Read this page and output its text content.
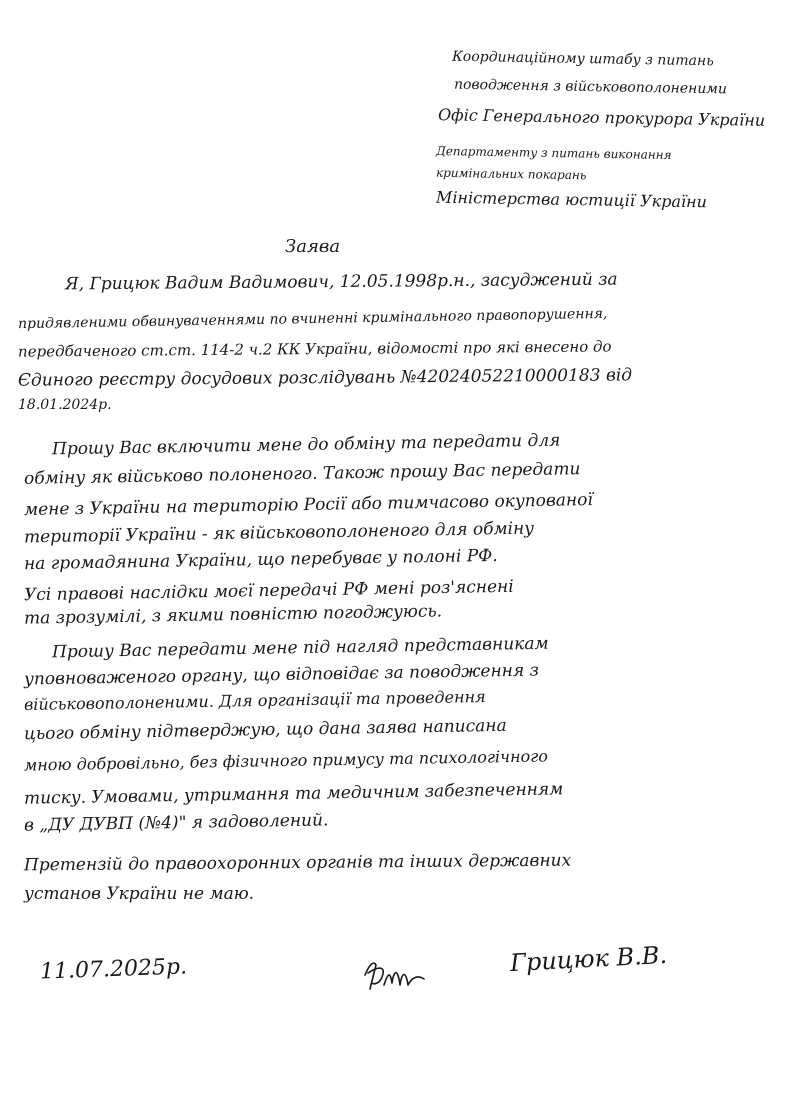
Координаційному штабу з питань
поводження з військовополоненими
Офіс Генерального прокурора України
Департаменту з питань виконання
кримінальних покарань
Міністерства юстиції України
Заява
Я, Грицюк Вадим Вадимович, 12.05.1998р.н., засуджений за
придявленими обвинуваченнями по вчиненні кримінального правопорушення,
передбаченого ст.ст. 114-2 ч.2 КК України, відомості про які внесено до
Єдиного реєстру досудових розслідувань №42024052210000183 від
18.01.2024р.
Прошу Вас включити мене до обміну та передати для
обміну як військово полоненого. Також прошу Вас передати
мене з України на територію Росії або тимчасово окупованої
території України - як військовополоненого для обміну
на громадянина України, що перебуває у полоні РФ.
Усі правові наслідки моєї передачі РФ мені роз'яснені
та зрозумілі, з якими повністю погоджуюсь.
Прошу Вас передати мене під нагляд представникам
уповноваженого органу, що відповідає за поводження з
військовополоненими. Для організації та проведення
цього обміну підтверджую, що дана заява написана
мною добровільно, без фізичного примусу та психологічного
тиску. Умовами, утримання та медичним забезпеченням
в „ДУ ДУВП (№4)" я задоволений.
Претензій до правоохоронних органів та інших державних
установ України не маю.
11.07.2025р.	Грицюк В.В.
